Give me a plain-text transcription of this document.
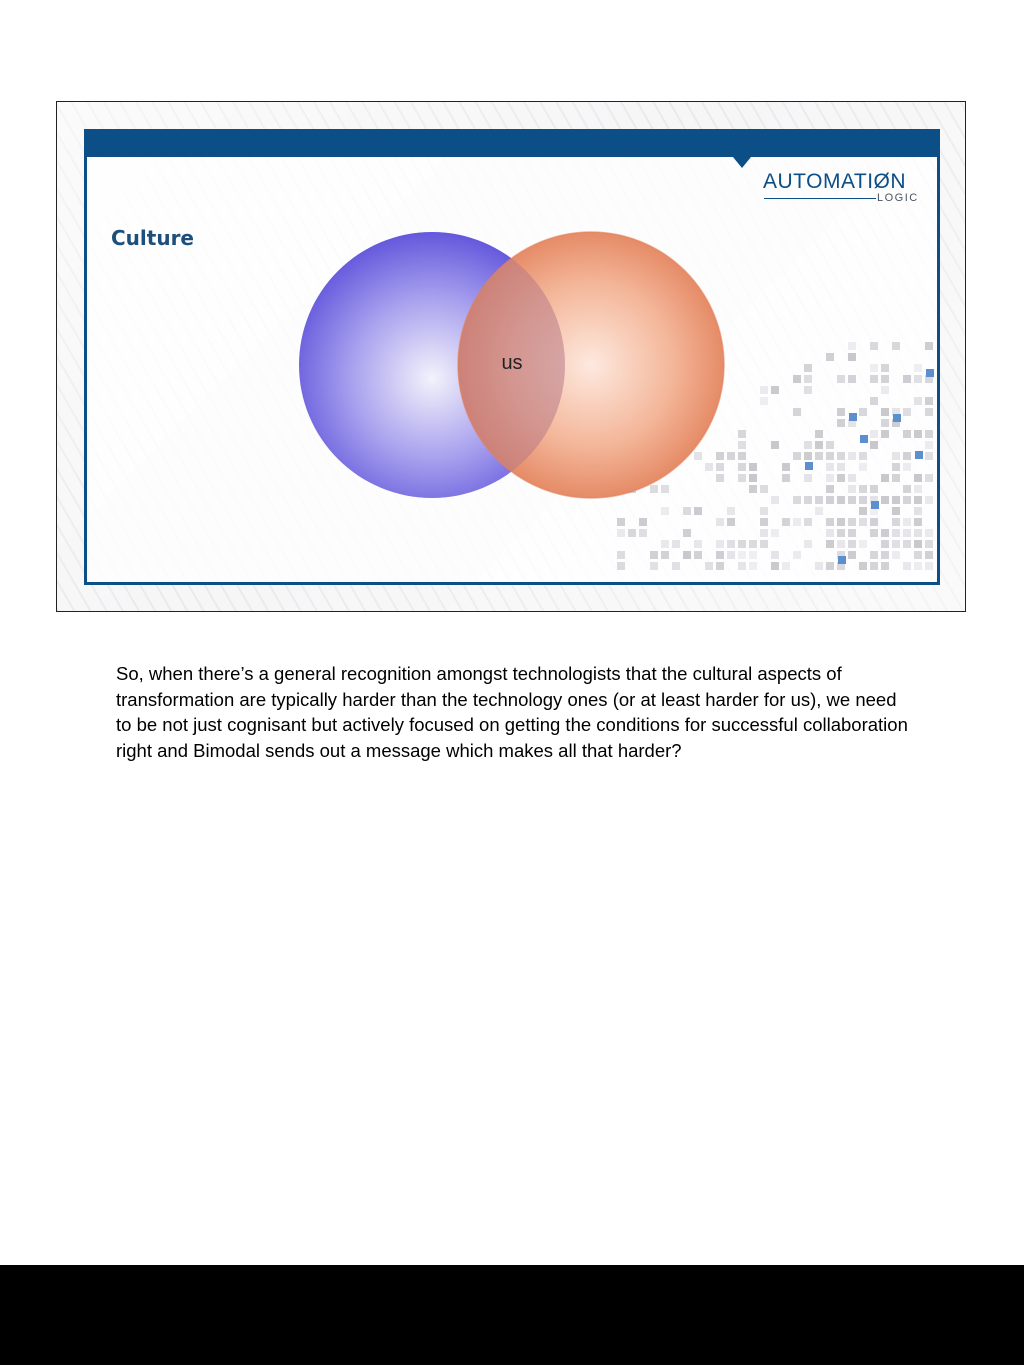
AUTOMATIØN
LOGIC
Culture
us

So, when there’s a general recognition amongst technologists that the cultural aspects of transformation are typically harder than the technology ones (or at least harder for us), we need to be not just cognisant but actively focused on getting the conditions for successful collaboration right and Bimodal sends out a message which makes all that harder?
